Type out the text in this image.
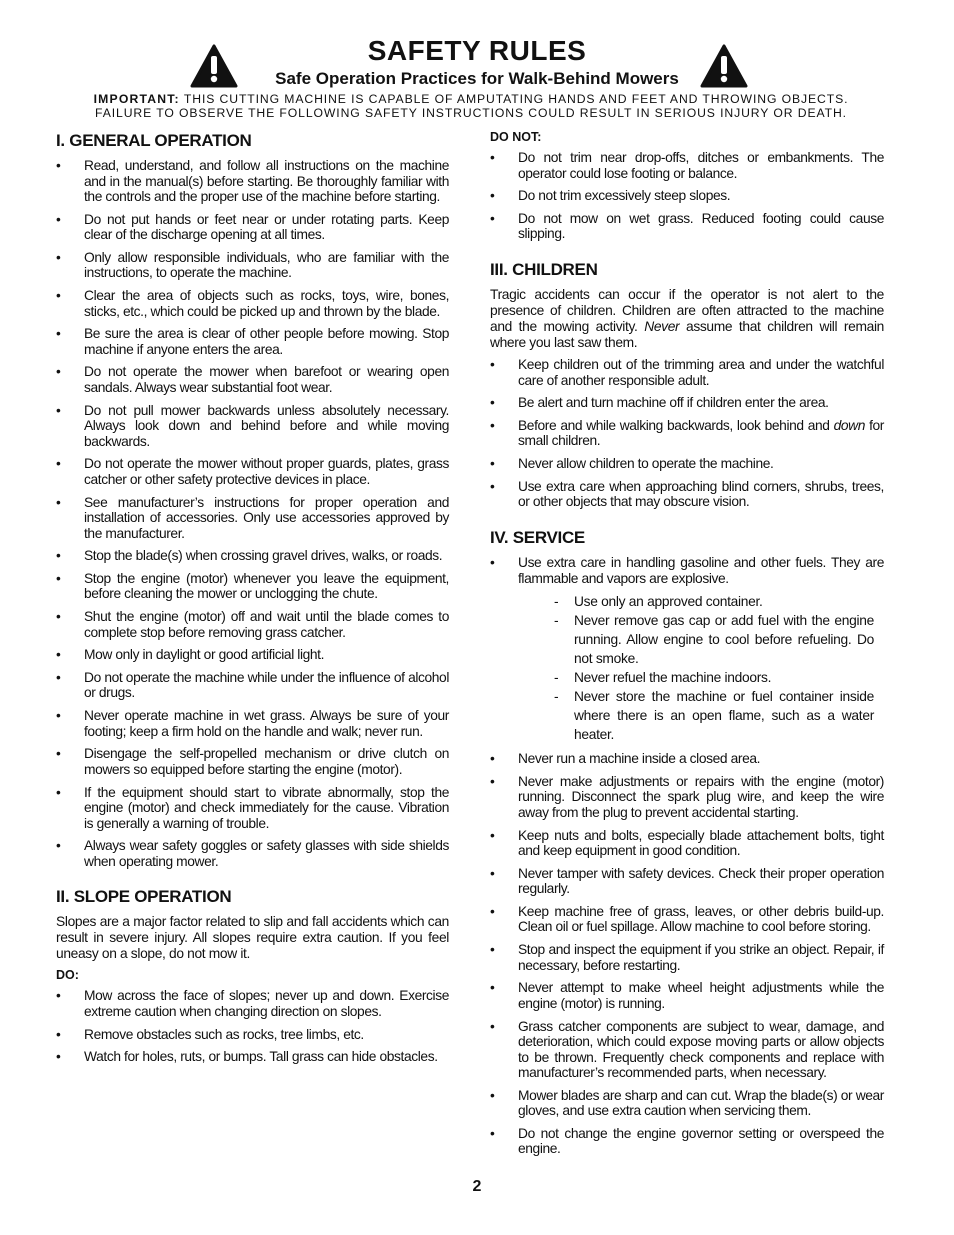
SAFETY RULES
Safe Operation Practices for Walk-Behind Mowers
IMPORTANT: THIS CUTTING MACHINE IS CAPABLE OF AMPUTATING HANDS AND FEET AND THROWING OBJECTS.
FAILURE TO OBSERVE THE FOLLOWING SAFETY INSTRUCTIONS COULD RESULT IN SERIOUS INJURY OR DEATH.
I. GENERAL OPERATION
• Read, understand, and follow all instructions on the machine and in the manual(s) before starting. Be thoroughly familiar with the controls and the proper use of the machine before starting.
• Do not put hands or feet near or under rotating parts. Keep clear of the discharge opening at all times.
• Only allow responsible individuals, who are familiar with the instructions, to operate the machine.
• Clear the area of objects such as rocks, toys, wire, bones, sticks, etc., which could be picked up and thrown by the blade.
• Be sure the area is clear of other people before mowing. Stop machine if anyone enters the area.
• Do not operate the mower when barefoot or wearing open sandals. Always wear substantial foot wear.
• Do not pull mower backwards unless absolutely necessary. Always look down and behind before and while moving backwards.
• Do not operate the mower without proper guards, plates, grass catcher or other safety protective devices in place.
• See manufacturer’s instructions for proper operation and installation of accessories. Only use accessories approved by the manufacturer.
• Stop the blade(s) when crossing gravel drives, walks, or roads.
• Stop the engine (motor) whenever you leave the equipment, before cleaning the mower or unclogging the chute.
• Shut the engine (motor) off and wait until the blade comes to complete stop before removing grass catcher.
• Mow only in daylight or good artificial light.
• Do not operate the machine while under the influence of alcohol or drugs.
• Never operate machine in wet grass. Always be sure of your footing; keep a firm hold on the handle and walk; never run.
• Disengage the self-propelled mechanism or drive clutch on mowers so equipped before starting the engine (motor).
• If the equipment should start to vibrate abnormally, stop the engine (motor) and check immediately for the cause. Vibration is generally a warning of trouble.
• Always wear safety goggles or safety glasses with side shields when operating mower.
II. SLOPE OPERATION

Slopes are a major factor related to slip and fall accidents which can result in severe injury. All slopes require extra caution. If you feel uneasy on a slope, do not mow it.

DO:
• Mow across the face of slopes; never up and down. Exercise extreme caution when changing direction on slopes.
• Remove obstacles such as rocks, tree limbs, etc.
• Watch for holes, ruts, or bumps. Tall grass can hide obstacles.
DO NOT:
• Do not trim near drop-offs, ditches or embankments. The operator could lose footing or balance.
• Do not trim excessively steep slopes.
• Do not mow on wet grass. Reduced footing could cause slipping.
III. CHILDREN

Tragic accidents can occur if the operator is not alert to the presence of children. Children are often attracted to the machine and the mowing activity. Never assume that children will remain where you last saw them.

• Keep children out of the trimming area and under the watchful care of another responsible adult.
• Be alert and turn machine off if children enter the area.
• Before and while walking backwards, look behind and down for small children.
• Never allow children to operate the machine.
• Use extra care when approaching blind corners, shrubs, trees, or other objects that may obscure vision.
IV. SERVICE
• Use extra care in handling gasoline and other fuels. They are flammable and vapors are explosive.
- Use only an approved container.
- Never remove gas cap or add fuel with the engine running. Allow engine to cool before refueling. Do not smoke.
- Never refuel the machine indoors.
- Never store the machine or fuel container inside where there is an open flame, such as a water heater.
• Never run a machine inside a closed area.
• Never make adjustments or repairs with the engine (motor) running. Disconnect the spark plug wire, and keep the wire away from the plug to prevent accidental starting.
• Keep nuts and bolts, especially blade attachement bolts, tight and keep equipment in good condition.
• Never tamper with safety devices. Check their proper operation regularly.
• Keep machine free of grass, leaves, or other debris build-up. Clean oil or fuel spillage. Allow machine to cool before storing.
• Stop and inspect the equipment if you strike an object. Repair, if necessary, before restarting.
• Never attempt to make wheel height adjustments while the engine (motor) is running.
• Grass catcher components are subject to wear, damage, and deterioration, which could expose moving parts or allow objects to be thrown. Frequently check components and replace with manufacturer’s recommended parts, when necessary.
• Mower blades are sharp and can cut. Wrap the blade(s) or wear gloves, and use extra caution when servicing them.
• Do not change the engine governor setting or overspeed the engine.
2
